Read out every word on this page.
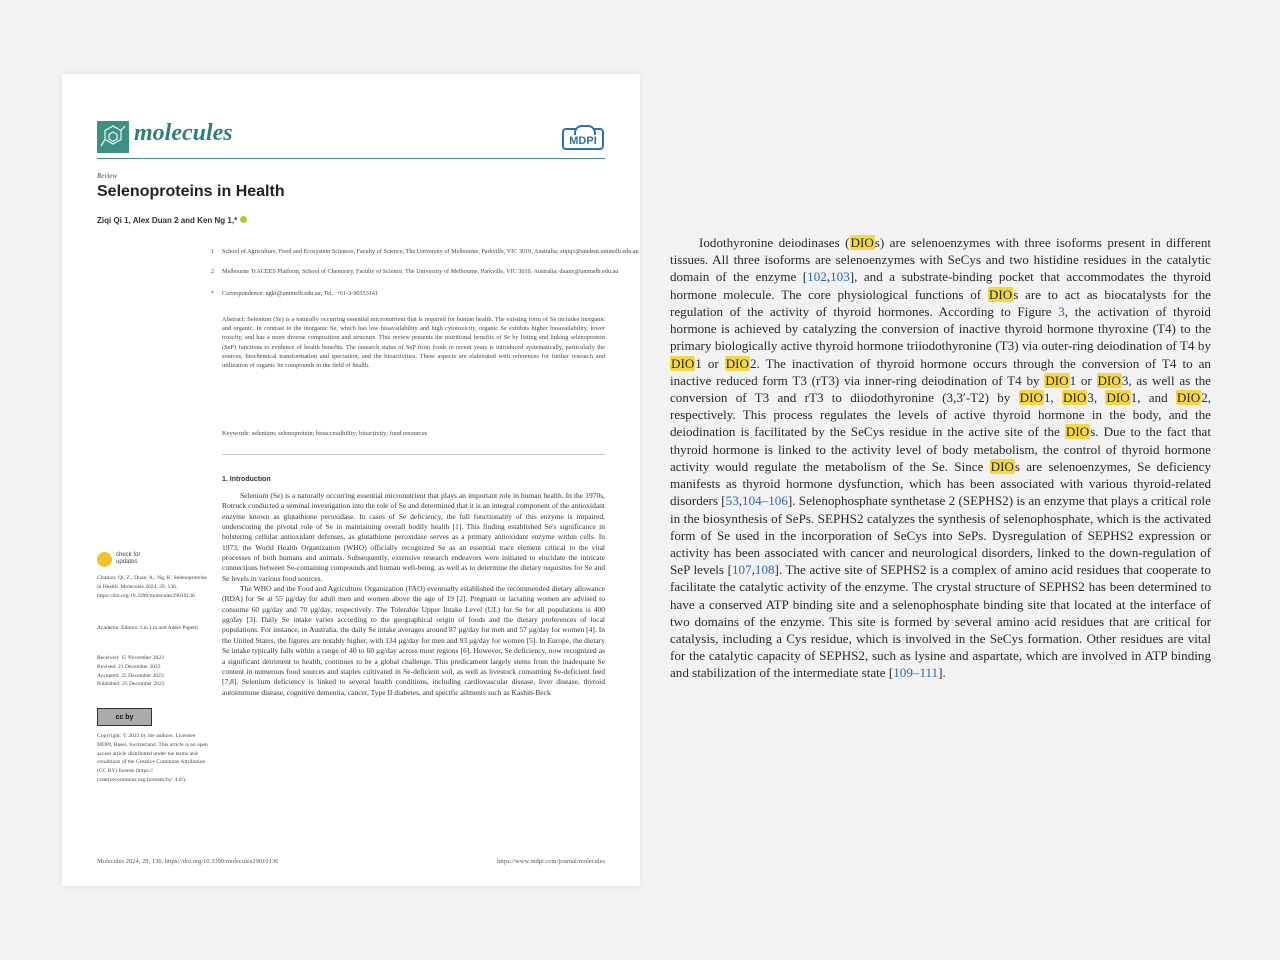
molecules	MDPI
Review
Selenoproteins in Health
Ziqi Qi 1, Alex Duan 2 and Ken Ng 1,*
1 School of Agriculture, Food and Ecosystem Sciences, Faculty of Science, The University of Melbourne, Parkville, VIC 3010, Australia; ziqiq1@student.unimelb.edu.au
2 Melbourne TrACEES Platform, School of Chemistry, Faculty of Science, The University of Melbourne, Parkville, VIC 3010, Australia; duanx@unimelb.edu.au
* Correspondence: ngkf@unimelb.edu.au; Tel.: +61-3-90353141
Abstract: Selenium (Se) is a naturally occurring essential micronutrient that is required for human health. The existing form of Se includes inorganic and organic. In contrast to the inorganic Se, which has low bioavailability and high cytotoxicity, organic Se exhibits higher bioavailability, lower toxicity, and has a more diverse composition and structure. This review presents the nutritional benefits of Se by listing and linking selenoprotein (SeP) functions to evidence of health benefits. The research status of SeP from foods in recent years is introduced systematically, particularly the sources, biochemical transformation and speciation, and the bioactivities. These aspects are elaborated with references for further research and utilization of organic Se compounds in the field of health.
Keywords: selenium; selenoprotein; bioaccessibility; bioactivity; food resources
1. Introduction

Selenium (Se) is a naturally occurring essential micronutrient that plays an important role in human health. In the 1970s, Rotruck conducted a seminal investigation into the role of Se and determined that it is an integral component of the antioxidant enzyme known as glutathione peroxidase. In cases of Se deficiency, the full functionality of this enzyme is impaired, underscoring the pivotal role of Se in maintaining overall bodily health [1]. This finding established Se's significance in bolstering cellular antioxidant defenses, as glutathione peroxidase serves as a primary antioxidant enzyme within cells. In 1973, the World Health Organization (WHO) officially recognized Se as an essential trace element critical to the vital processes of both humans and animals. Subsequently, extensive research endeavors were initiated to elucidate the intricate connections between Se-containing compounds and human well-being, as well as to determine the dietary requisites for Se and Se levels in various food sources.

The WHO and the Food and Agriculture Organization (FAO) eventually established the recommended dietary allowance (RDA) for Se at 55 μg/day for adult men and women above the age of 19 [2]. Pregnant or lactating women are advised to consume 60 μg/day and 70 μg/day, respectively. The Tolerable Upper Intake Level (UL) for Se for all populations is 400 μg/day [3]. Daily Se intake varies according to the geographical origin of foods and the dietary preferences of local populations. For instance, in Australia, the daily Se intake averages around 87 μg/day for men and 57 μg/day for women [4]. In the United States, the figures are notably higher, with 134 μg/day for men and 93 μg/day for women [5]. In Europe, the dietary Se intake typically falls within a range of 40 to 60 μg/day across most regions [6]. However, Se deficiency, now recognized as a significant detriment to health, continues to be a global challenge. This predicament largely stems from the inadequate Se content in numerous food sources and staples cultivated in Se-deficient soil, as well as livestock consuming Se-deficient feed [7,8]. Selenium deficiency is linked to several health conditions, including cardiovascular disease, liver disease, thyroid autoimmune disease, cognitive dementia, cancer, Type II diabetes, and specific ailments such as Kashin-Beck

check for updates
Citation: Qi, Z.; Duan, A.; Ng, K. Selenoproteins in Health. Molecules 2024, 29, 136. https://doi.org/10.3390/molecules29010136
Academic Editors: Lin Lin and Adele Papetti
Received: 15 November 2023
Revised: 21 December 2023
Accepted: 22 December 2023
Published: 25 December 2023
cc by
Copyright: © 2023 by the authors. Licensee MDPI, Basel, Switzerland. This article is an open access article distributed under the terms and conditions of the Creative Commons Attribution (CC BY) license (https:// creativecommons.org/licenses/by/ 4.0/).
Molecules 2024, 29, 136. https://doi.org/10.3390/molecules29010136	https://www.mdpi.com/journal/molecules

Iodothyronine deiodinases (DIOs) are selenoenzymes with three isoforms present in different tissues. All three isoforms are selenoenzymes with SeCys and two histidine residues in the catalytic domain of the enzyme [102,103], and a substrate-binding pocket that accommodates the thyroid hormone molecule. The core physiological functions of DIOs are to act as biocatalysts for the regulation of the activity of thyroid hormones. According to Figure 3, the activation of thyroid hormone is achieved by catalyzing the conversion of inactive thyroid hormone thyroxine (T4) to the primary biologically active thyroid hormone triiodothyronine (T3) via outer-ring deiodination of T4 by DIO1 or DIO2. The inactivation of thyroid hormone occurs through the conversion of T4 to an inactive reduced form T3 (rT3) via inner-ring deiodination of T4 by DIO1 or DIO3, as well as the conversion of T3 and rT3 to diiodothyronine (3,3′-T2) by DIO1, DIO3, DIO1, and DIO2, respectively. This process regulates the levels of active thyroid hormone in the body, and the deiodination is facilitated by the SeCys residue in the active site of the DIOs. Due to the fact that thyroid hormone is linked to the activity level of body metabolism, the control of thyroid hormone activity would regulate the metabolism of the Se. Since DIOs are selenoenzymes, Se deficiency manifests as thyroid hormone dysfunction, which has been associated with various thyroid-related disorders [53,104–106]. Selenophosphate synthetase 2 (SEPHS2) is an enzyme that plays a critical role in the biosynthesis of SePs. SEPHS2 catalyzes the synthesis of selenophosphate, which is the activated form of Se used in the incorporation of SeCys into SePs. Dysregulation of SEPHS2 expression or activity has been associated with cancer and neurological disorders, linked to the down-regulation of SeP levels [107,108]. The active site of SEPHS2 is a complex of amino acid residues that cooperate to facilitate the catalytic activity of the enzyme. The crystal structure of SEPHS2 has been determined to have a conserved ATP binding site and a selenophosphate binding site that located at the interface of two domains of the enzyme. This site is formed by several amino acid residues that are critical for catalysis, including a Cys residue, which is involved in the SeCys formation. Other residues are vital for the catalytic capacity of SEPHS2, such as lysine and aspartate, which are involved in ATP binding and stabilization of the intermediate state [109–111].
